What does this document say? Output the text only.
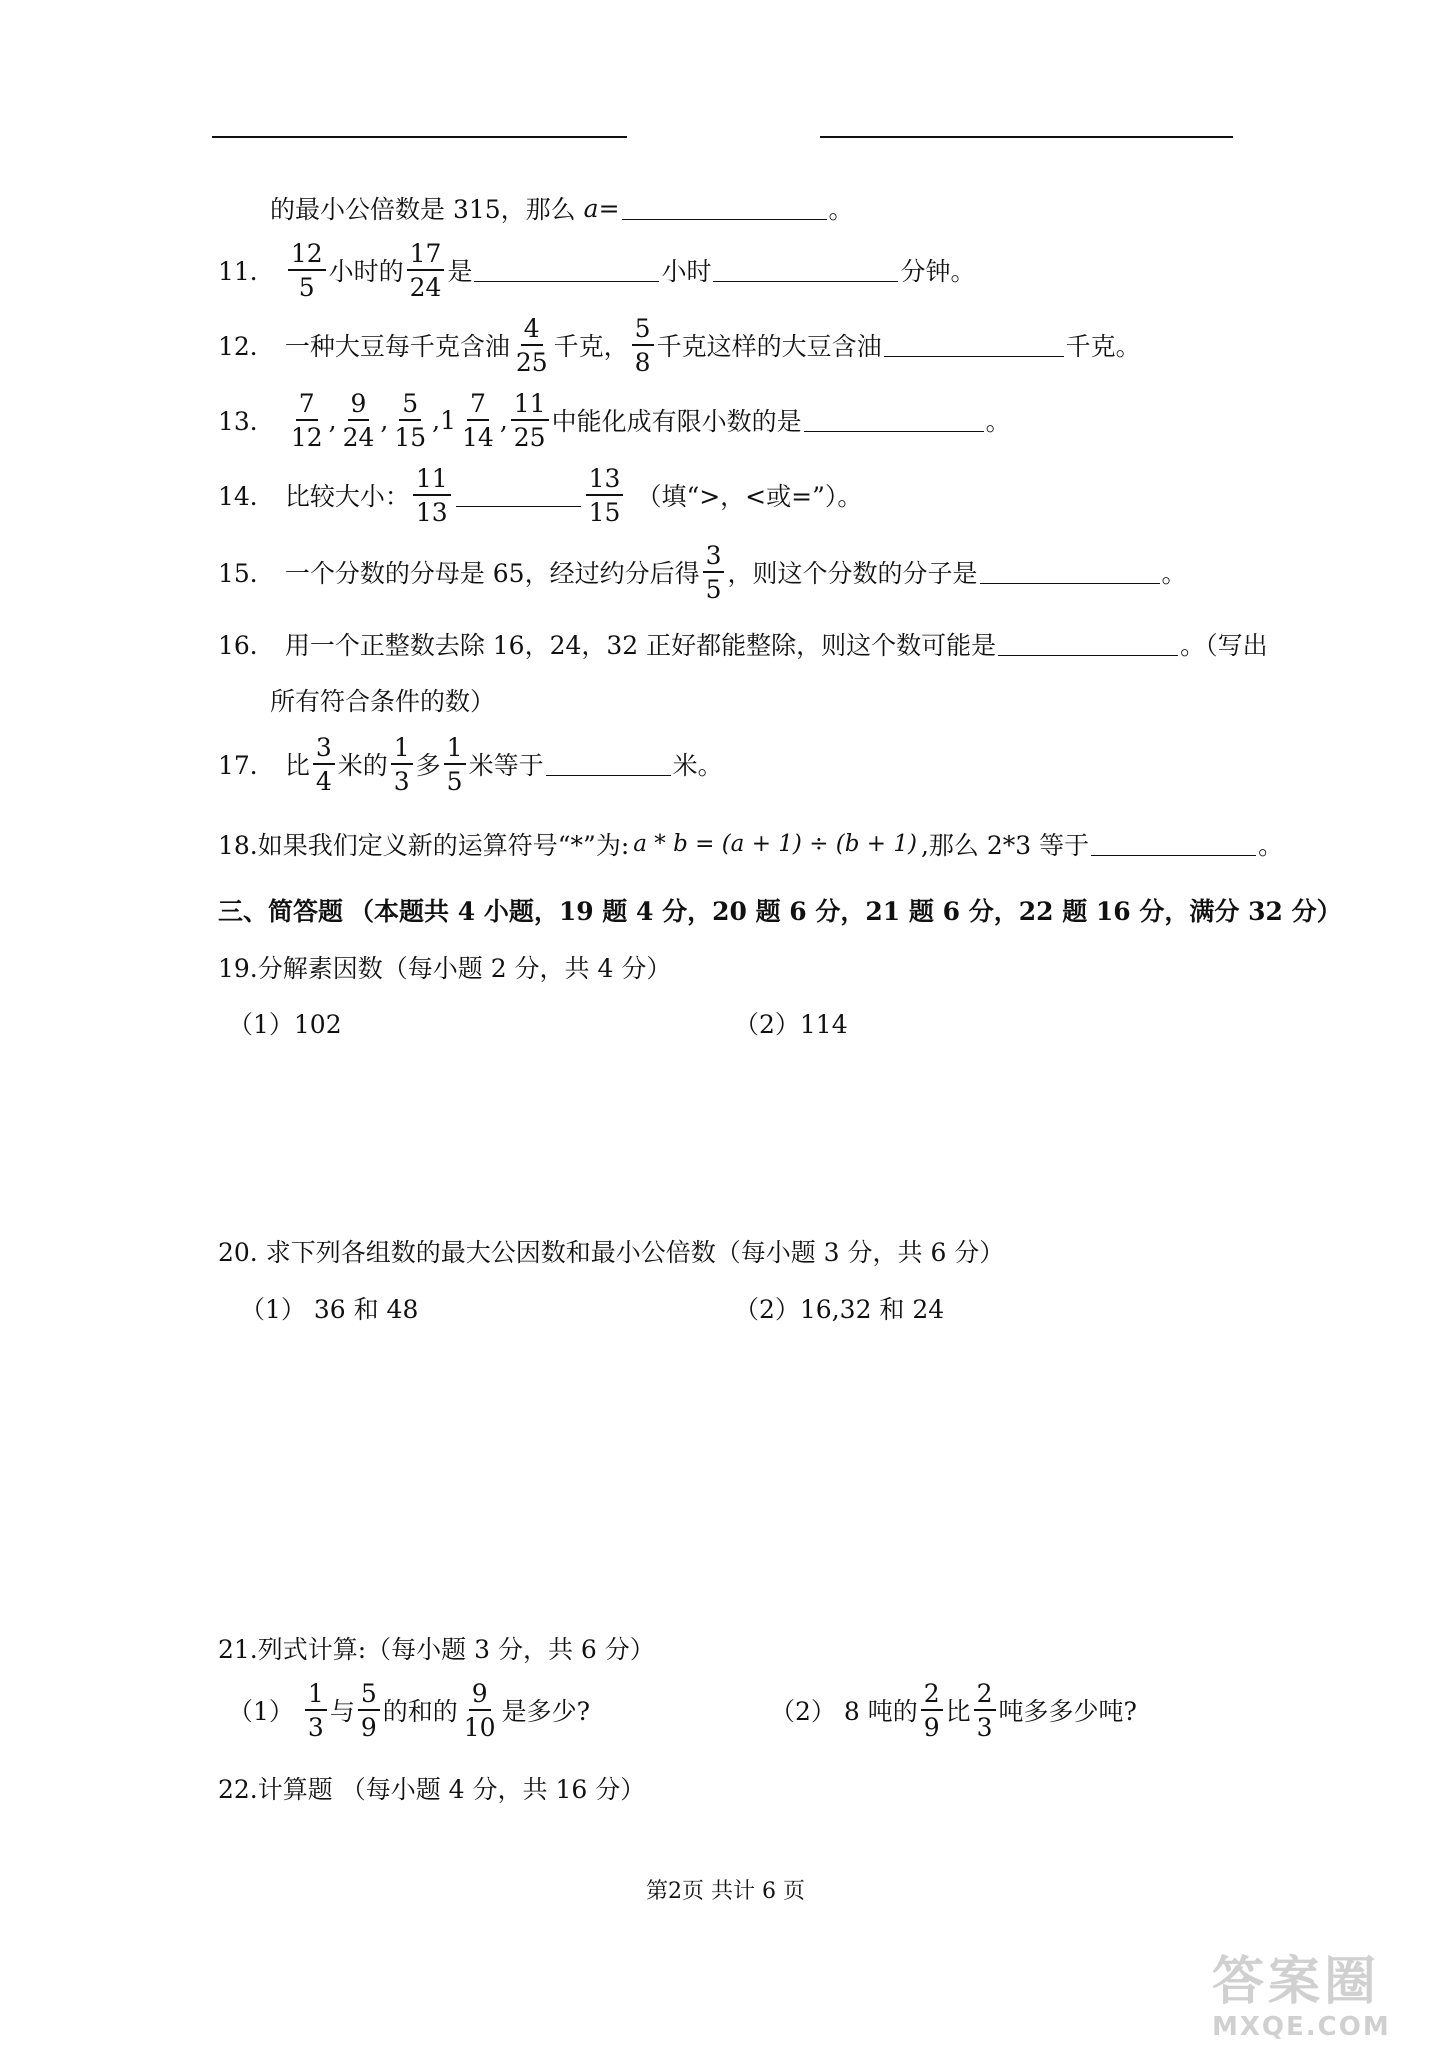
的最小公倍数是 315，那么 a =	。
11． $\frac{12}{5}$ 小时的 $\frac{17}{24}$ 是	小时	分钟。
12． 一种大豆每千克含油 $\frac{4}{25}$ 千克， $\frac{5}{8}$ 千克这样的大豆含油	千克。
13． $\frac{7}{12}$ , $\frac{9}{24}$ , $\frac{5}{15}$ , $1 \frac{7}{14}$ , $\frac{11}{25}$ 中能化成有限小数的是	。
14． 比较大小： $\frac{11}{13}$	$\frac{13}{15}$ （填“>，<或=”）。
15． 一个分数的分母是 65，经过约分后得 $\frac{3}{5}$ ，则这个分数的分子是	。
16． 用一个正整数去除 16，24，32 正好都能整除，则这个数可能是	。（写出
所有符合条件的数）
17． 比 $\frac{3}{4}$ 米的 $\frac{1}{3}$ 多 $\frac{1}{5}$ 米等于	米。
18.如果我们定义新的运算符号“*”为: a * b = (a + 1) ÷ (b + 1) ,那么 2*3 等于	。
三、简答题 （本题共 4 小题，19 题 4 分，20 题 6 分，21 题 6 分，22 题 16 分，满分 32 分）
19.分解素因数（每小题 2 分，共 4 分）
（1）102	（2）114
20. 求下列各组数的最大公因数和最小公倍数（每小题 3 分，共 6 分）
（1） 36 和 48	（2）16,32 和 24
21.列式计算:（每小题 3 分，共 6 分）
$(1) \frac{1}{3}$ 与 $\frac{5}{9}$ 的和的 $\frac{9}{10}$ 是多少?	（2） 8 吨的 $\frac{2}{9}$ 比 $\frac{2}{3}$ 吨多多少吨?
22.计算题 （每小题 4 分，共 16 分）
第2页 共计 6 页
答案圈
MXQE.COM
